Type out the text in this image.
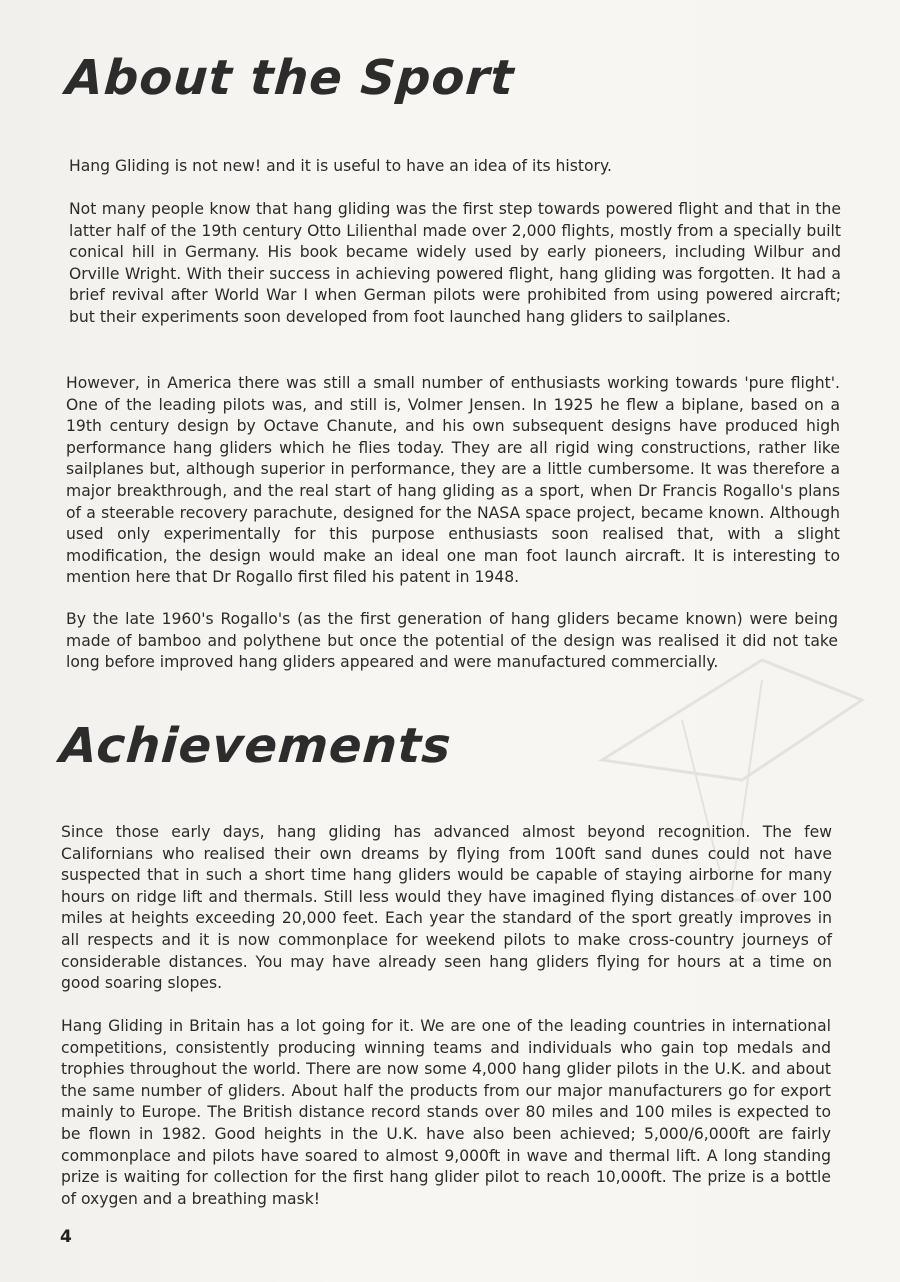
About the Sport

Hang Gliding is not new! and it is useful to have an idea of its history.

Not many people know that hang gliding was the first step towards powered flight and that in the latter half of the 19th century Otto Lilienthal made over 2,000 flights, mostly from a specially built conical hill in Germany. His book became widely used by early pioneers, including Wilbur and Orville Wright. With their success in achieving powered flight, hang gliding was forgotten. It had a brief revival after World War I when German pilots were prohibited from using powered aircraft; but their experiments soon developed from foot launched hang gliders to sailplanes.

However, in America there was still a small number of enthusiasts working towards 'pure flight'. One of the leading pilots was, and still is, Volmer Jensen. In 1925 he flew a biplane, based on a 19th century design by Octave Chanute, and his own subsequent designs have produced high performance hang gliders which he flies today. They are all rigid wing constructions, rather like sailplanes but, although superior in performance, they are a little cumbersome. It was therefore a major breakthrough, and the real start of hang gliding as a sport, when Dr Francis Rogallo's plans of a steerable recovery parachute, designed for the NASA space project, became known. Although used only experimentally for this purpose enthusiasts soon realised that, with a slight modification, the design would make an ideal one man foot launch aircraft. It is interesting to mention here that Dr Rogallo first filed his patent in 1948.

By the late 1960's Rogallo's (as the first generation of hang gliders became known) were being made of bamboo and polythene but once the potential of the design was realised it did not take long before improved hang gliders appeared and were manufactured commercially.

Achievements

Since those early days, hang gliding has advanced almost beyond recognition. The few Californians who realised their own dreams by flying from 100ft sand dunes could not have suspected that in such a short time hang gliders would be capable of staying airborne for many hours on ridge lift and thermals. Still less would they have imagined flying distances of over 100 miles at heights exceeding 20,000 feet. Each year the standard of the sport greatly improves in all respects and it is now commonplace for weekend pilots to make cross-country journeys of considerable distances. You may have already seen hang gliders flying for hours at a time on good soaring slopes.

Hang Gliding in Britain has a lot going for it. We are one of the leading countries in international competitions, consistently producing winning teams and individuals who gain top medals and trophies throughout the world. There are now some 4,000 hang glider pilots in the U.K. and about the same number of gliders. About half the products from our major manufacturers go for export mainly to Europe. The British distance record stands over 80 miles and 100 miles is expected to be flown in 1982. Good heights in the U.K. have also been achieved; 5,000/6,000ft are fairly commonplace and pilots have soared to almost 9,000ft in wave and thermal lift. A long standing prize is waiting for collection for the first hang glider pilot to reach 10,000ft. The prize is a bottle of oxygen and a breathing mask!

4
